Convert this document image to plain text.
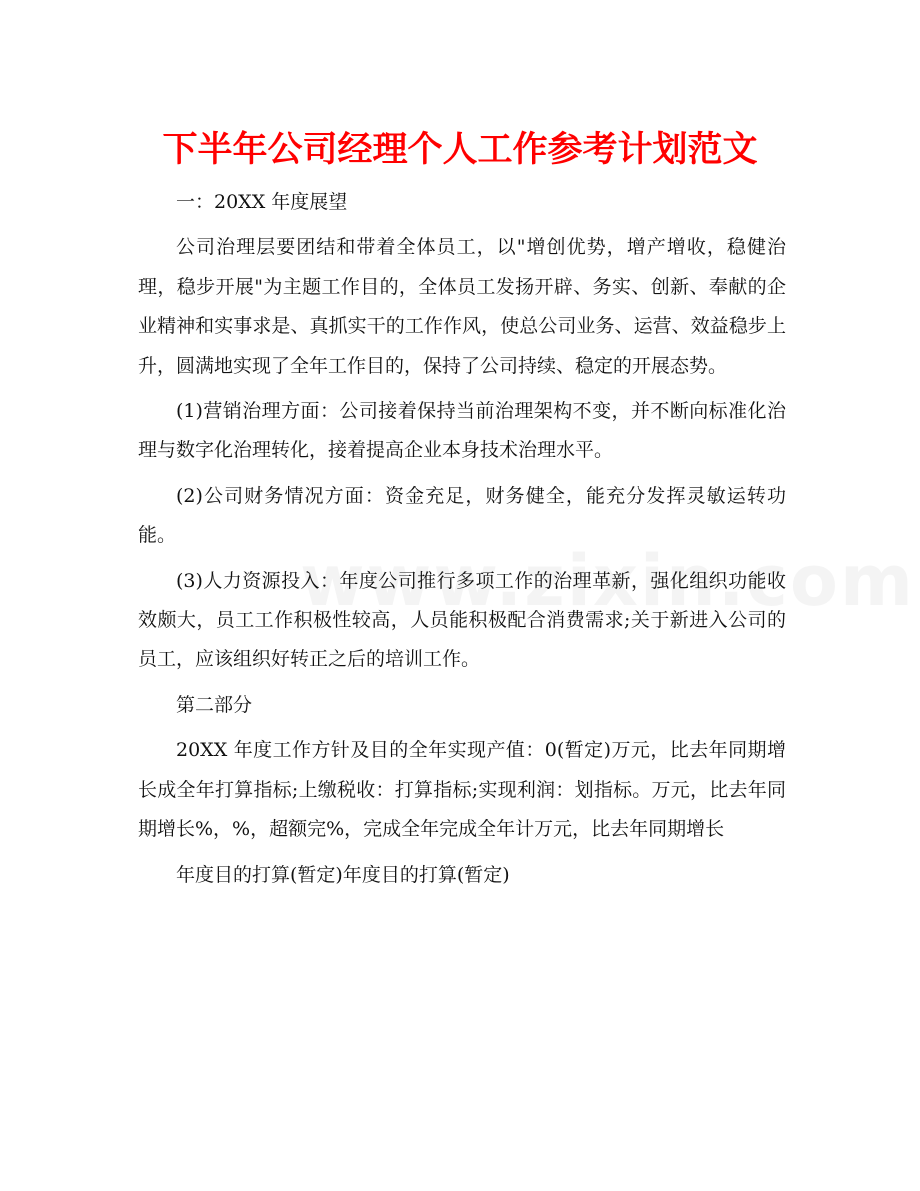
下半年公司经理个人工作参考计划范文

一：20XX 年度展望

公司治理层要团结和带着全体员工，以"增创优势，增产增收，稳健治理，稳步开展"为主题工作目的，全体员工发扬开辟、务实、创新、奉献的企业精神和实事求是、真抓实干的工作作风，使总公司业务、运营、效益稳步上升，圆满地实现了全年工作目的，保持了公司持续、稳定的开展态势。

(1)营销治理方面：公司接着保持当前治理架构不变，并不断向标准化治理与数字化治理转化，接着提高企业本身技术治理水平。

(2)公司财务情况方面：资金充足，财务健全，能充分发挥灵敏运转功能。

(3)人力资源投入：年度公司推行多项工作的治理革新，强化组织功能收效颇大，员工工作积极性较高，人员能积极配合消费需求;关于新进入公司的员工，应该组织好转正之后的培训工作。

第二部分

20XX 年度工作方针及目的全年实现产值：0(暂定)万元，比去年同期增长成全年打算指标;上缴税收：打算指标;实现利润：划指标。万元，比去年同期增长%，%，超额完%，完成全年完成全年计万元，比去年同期增长

年度目的打算(暂定)年度目的打算(暂定)
